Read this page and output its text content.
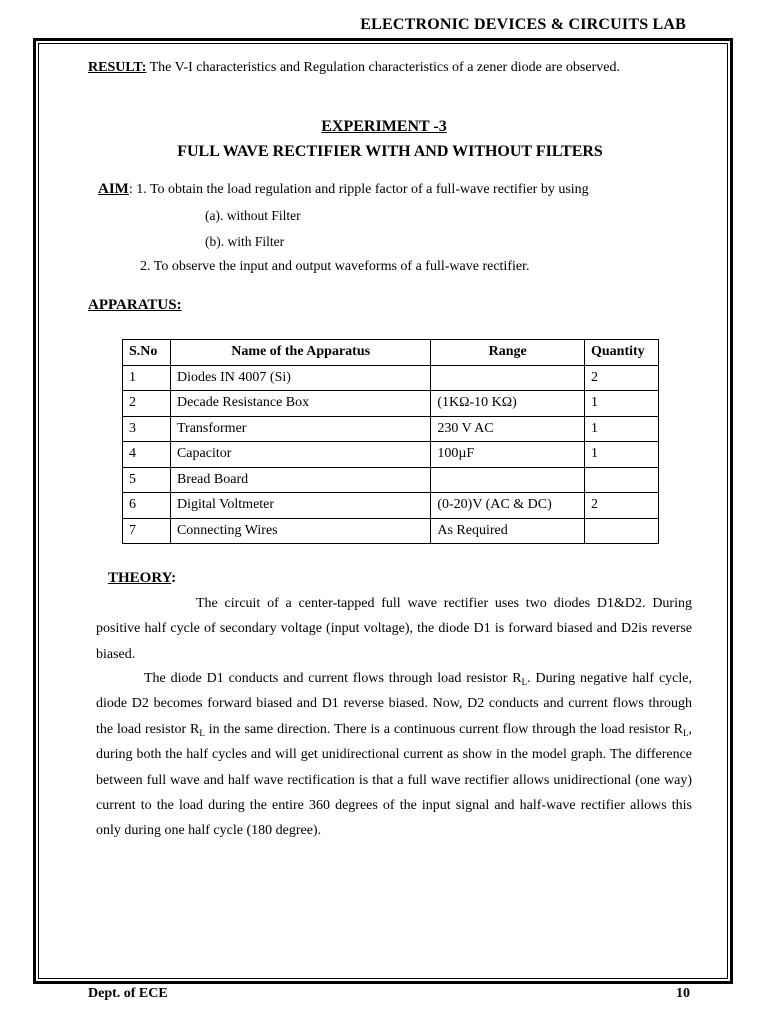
ELECTRONIC DEVICES & CIRCUITS LAB
RESULT: The V-I characteristics and Regulation characteristics of a zener diode are observed.
EXPERIMENT -3
FULL WAVE RECTIFIER WITH AND WITHOUT FILTERS
AIM: 1. To obtain the load regulation and ripple factor of a full-wave rectifier by using
(a). without Filter
(b). with Filter
2. To observe the input and output waveforms of a full-wave rectifier.
APPARATUS:
S.No	Name of the Apparatus	Range	Quantity
1	Diodes IN 4007 (Si)		2
2	Decade Resistance Box	(1KΩ-10 KΩ)	1
3	Transformer	230 V AC	1
4	Capacitor	100µF	1
5	Bread Board		
6	Digital Voltmeter	(0-20)V (AC & DC)	2
7	Connecting Wires	As Required	
THEORY:
The circuit of a center-tapped full wave rectifier uses two diodes D1&D2. During positive half cycle of secondary voltage (input voltage), the diode D1 is forward biased and D2is reverse biased.
The diode D1 conducts and current flows through load resistor $R_L$. During negative half cycle, diode D2 becomes forward biased and D1 reverse biased. Now, D2 conducts and current flows through the load resistor $R_L$ in the same direction. There is a continuous current flow through the load resistor $R_L$, during both the half cycles and will get unidirectional current as show in the model graph. The difference between full wave and half wave rectification is that a full wave rectifier allows unidirectional (one way) current to the load during the entire 360 degrees of the input signal and half-wave rectifier allows this only during one half cycle (180 degree).
Dept. of ECE	10
